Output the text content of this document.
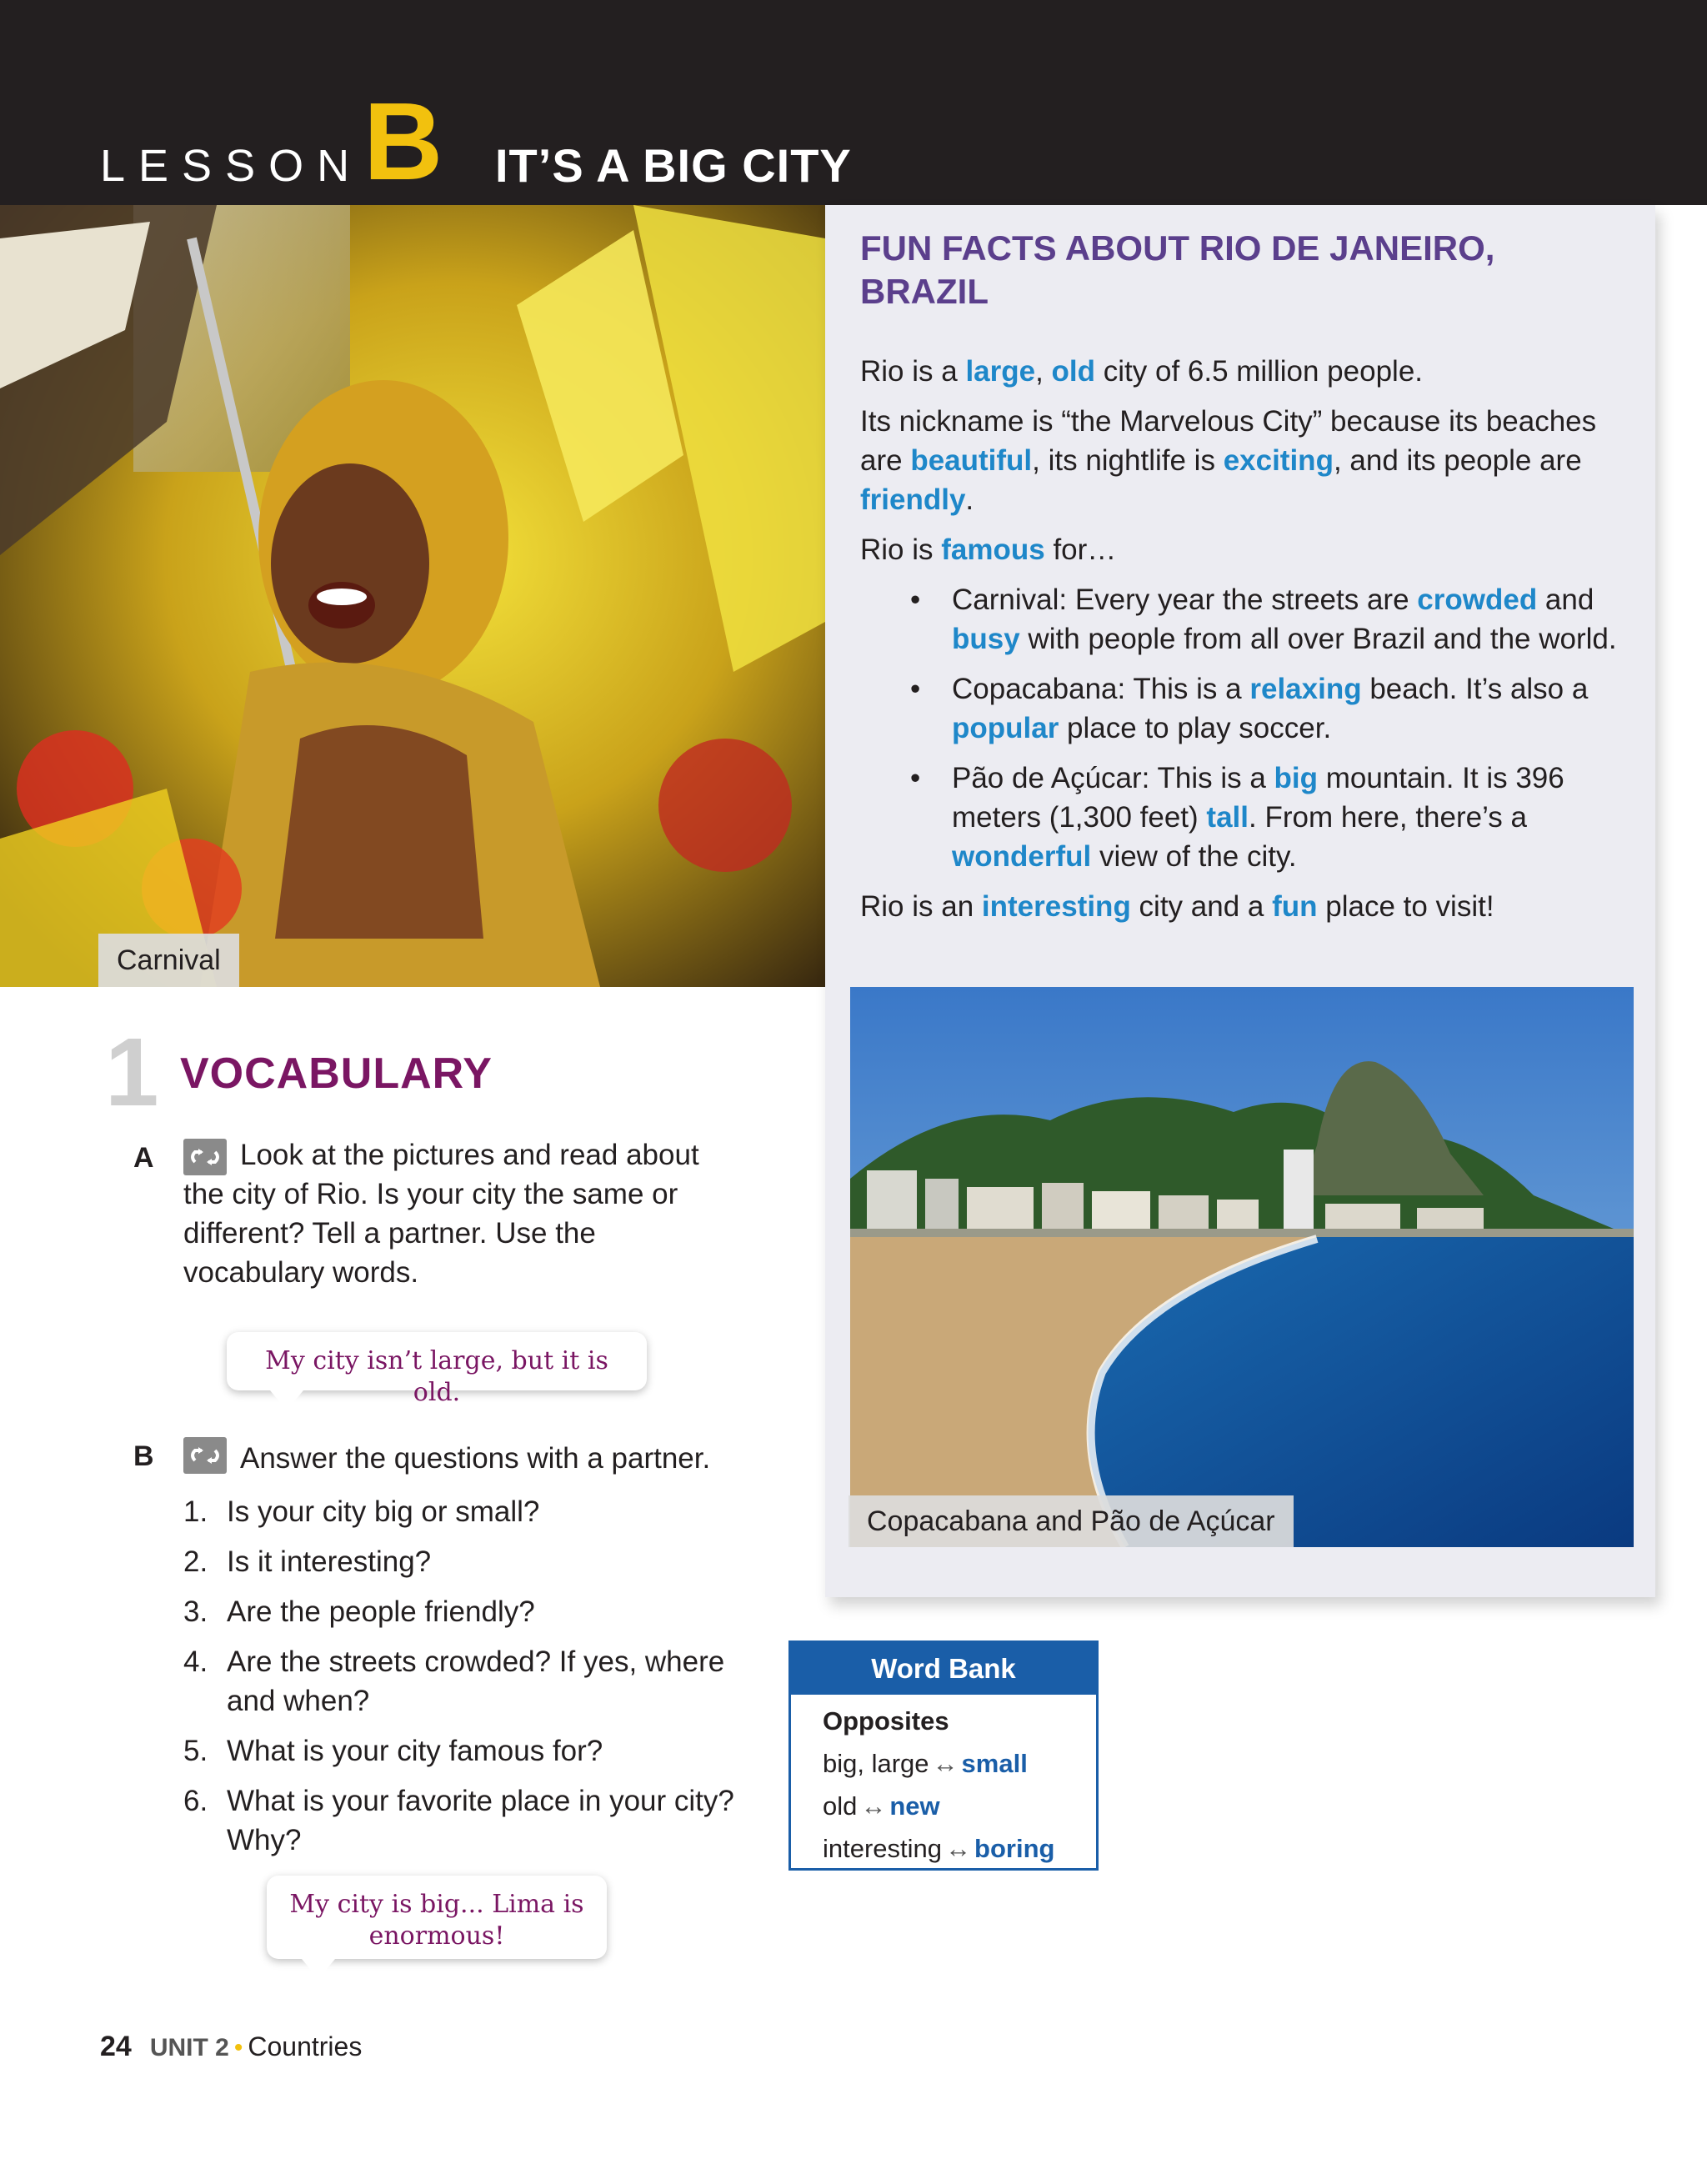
LESSON B IT’S A BIG CITY
Carnival
FUN FACTS ABOUT RIO DE JANEIRO, BRAZIL

Rio is a large, old city of 6.5 million people.

Its nickname is “the Marvelous City” because its beaches are beautiful, its nightlife is exciting, and its people are friendly.

Rio is famous for…

• Carnival: Every year the streets are crowded and busy with people from all over Brazil and the world.
• Copacabana: This is a relaxing beach. It’s also a popular place to play soccer.
• Pão de Açúcar: This is a big mountain. It is 396 meters (1,300 feet) tall. From here, there’s a wonderful view of the city.

Rio is an interesting city and a fun place to visit!

Copacabana and Pão de Açúcar
1 VOCABULARY
A	Look at the pictures and read about the city of Rio. Is your city the same or different? Tell a partner. Use the vocabulary words.
My city isn’t large, but it is old.
B	Answer the questions with a partner.
1. Is your city big or small?
2. Is it interesting?
3. Are the people friendly?
4. Are the streets crowded? If yes, where and when?
5. What is your city famous for?
6. What is your favorite place in your city? Why?
My city is big... Lima is enormous!
Word Bank
Opposites
big, large ↔ small
old ↔ new
interesting ↔ boring
24 UNIT 2 • Countries
